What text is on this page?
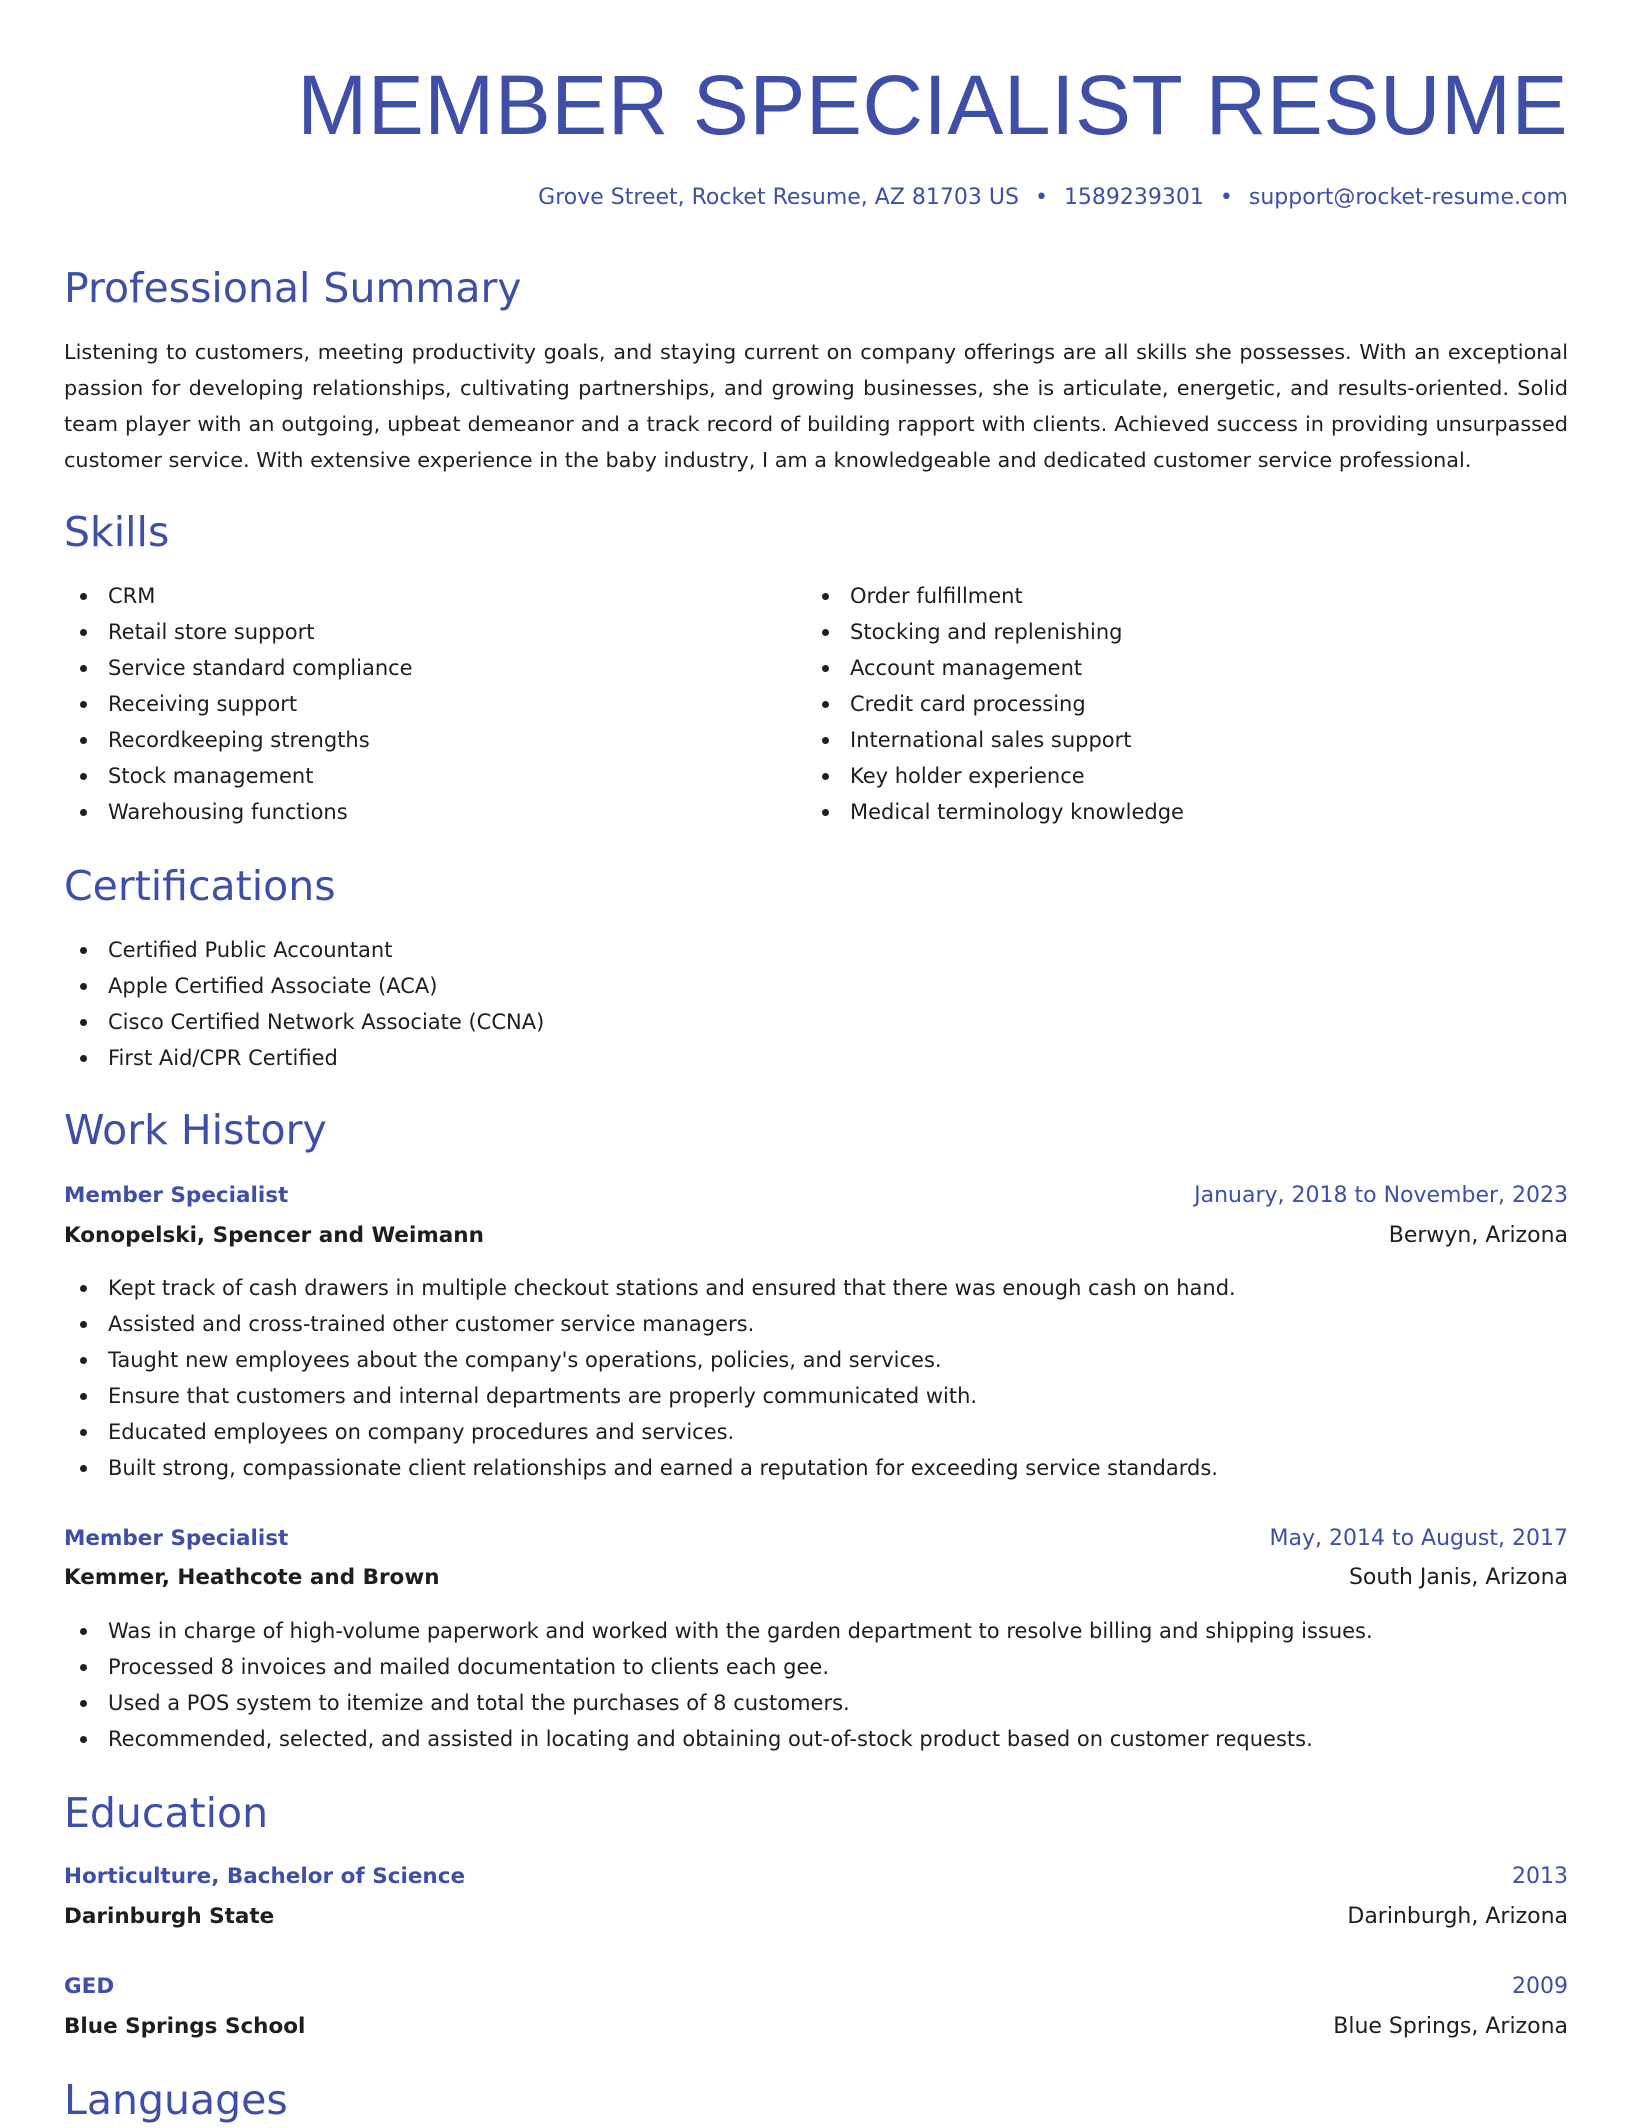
MEMBER SPECIALIST RESUME
Grove Street, Rocket Resume, AZ 81703 US • 1589239301 • support@rocket-resume.com
Professional Summary
Listening to customers, meeting productivity goals, and staying current on company offerings are all skills she possesses. With an exceptional passion for developing relationships, cultivating partnerships, and growing businesses, she is articulate, energetic, and results-oriented. Solid team player with an outgoing, upbeat demeanor and a track record of building rapport with clients. Achieved success in providing unsurpassed customer service. With extensive experience in the baby industry, I am a knowledgeable and dedicated customer service professional.
Skills
CRM
Retail store support
Service standard compliance
Receiving support
Recordkeeping strengths
Stock management
Warehousing functions
Order fulfillment
Stocking and replenishing
Account management
Credit card processing
International sales support
Key holder experience
Medical terminology knowledge
Certifications
Certified Public Accountant
Apple Certified Associate (ACA)
Cisco Certified Network Associate (CCNA)
First Aid/CPR Certified
Work History
Member Specialist	January, 2018 to November, 2023
Konopelski, Spencer and Weimann	Berwyn, Arizona
Kept track of cash drawers in multiple checkout stations and ensured that there was enough cash on hand.
Assisted and cross-trained other customer service managers.
Taught new employees about the company's operations, policies, and services.
Ensure that customers and internal departments are properly communicated with.
Educated employees on company procedures and services.
Built strong, compassionate client relationships and earned a reputation for exceeding service standards.
Member Specialist	May, 2014 to August, 2017
Kemmer, Heathcote and Brown	South Janis, Arizona
Was in charge of high-volume paperwork and worked with the garden department to resolve billing and shipping issues.
Processed 8 invoices and mailed documentation to clients each gee.
Used a POS system to itemize and total the purchases of 8 customers.
Recommended, selected, and assisted in locating and obtaining out-of-stock product based on customer requests.
Education
Horticulture, Bachelor of Science	2013
Darinburgh State	Darinburgh, Arizona
GED	2009
Blue Springs School	Blue Springs, Arizona
Languages
